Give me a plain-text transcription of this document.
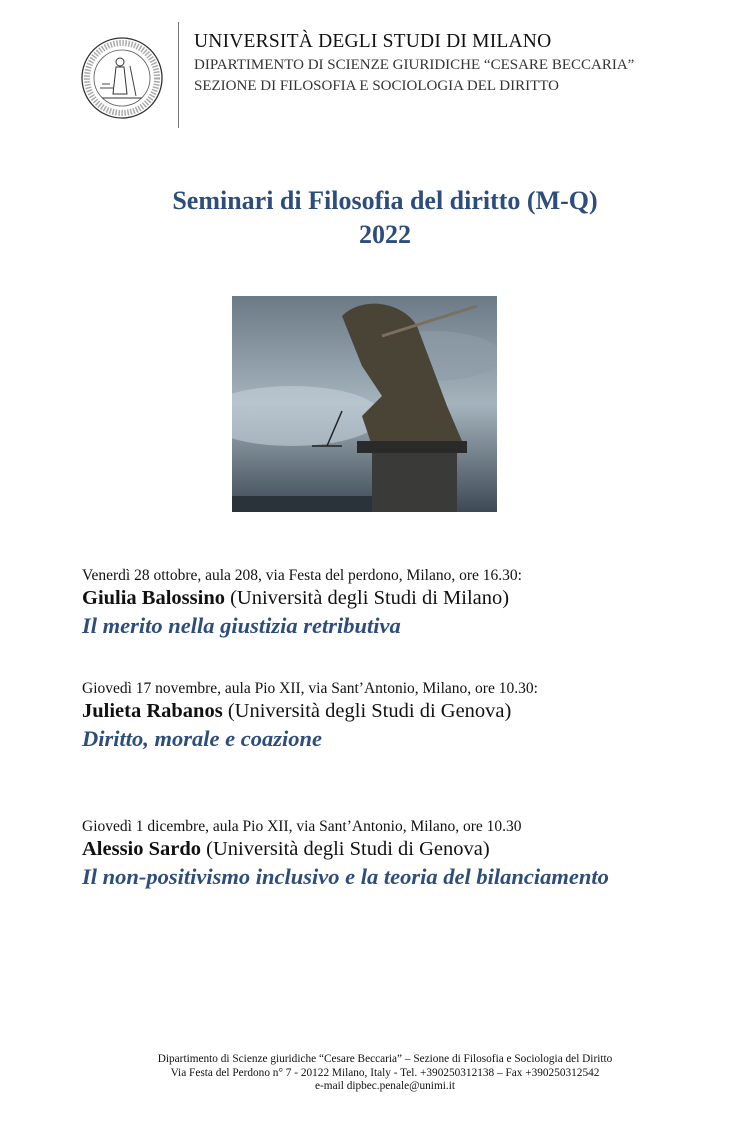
UNIVERSITÀ DEGLI STUDI DI MILANO
DIPARTIMENTO DI SCIENZE GIURIDICHE “CESARE BECCARIA”
SEZIONE DI FILOSOFIA E SOCIOLOGIA DEL DIRITTO
Seminari di Filosofia del diritto (M-Q)
2022
Venerdì 28 ottobre, aula 208, via Festa del perdono, Milano, ore 16.30:
Giulia Balossino (Università degli Studi di Milano)
Il merito nella giustizia retributiva
Giovedì 17 novembre, aula Pio XII, via Sant’Antonio, Milano, ore 10.30:
Julieta Rabanos (Università degli Studi di Genova)
Diritto, morale e coazione
Giovedì 1 dicembre, aula Pio XII, via Sant’Antonio, Milano, ore 10.30
Alessio Sardo (Università degli Studi di Genova)
Il non-positivismo inclusivo e la teoria del bilanciamento
Dipartimento di Scienze giuridiche “Cesare Beccaria” – Sezione di Filosofia e Sociologia del Diritto
Via Festa del Perdono n° 7 - 20122 Milano, Italy - Tel. +390250312138 – Fax +390250312542
e-mail dipbec.penale@unimi.it
